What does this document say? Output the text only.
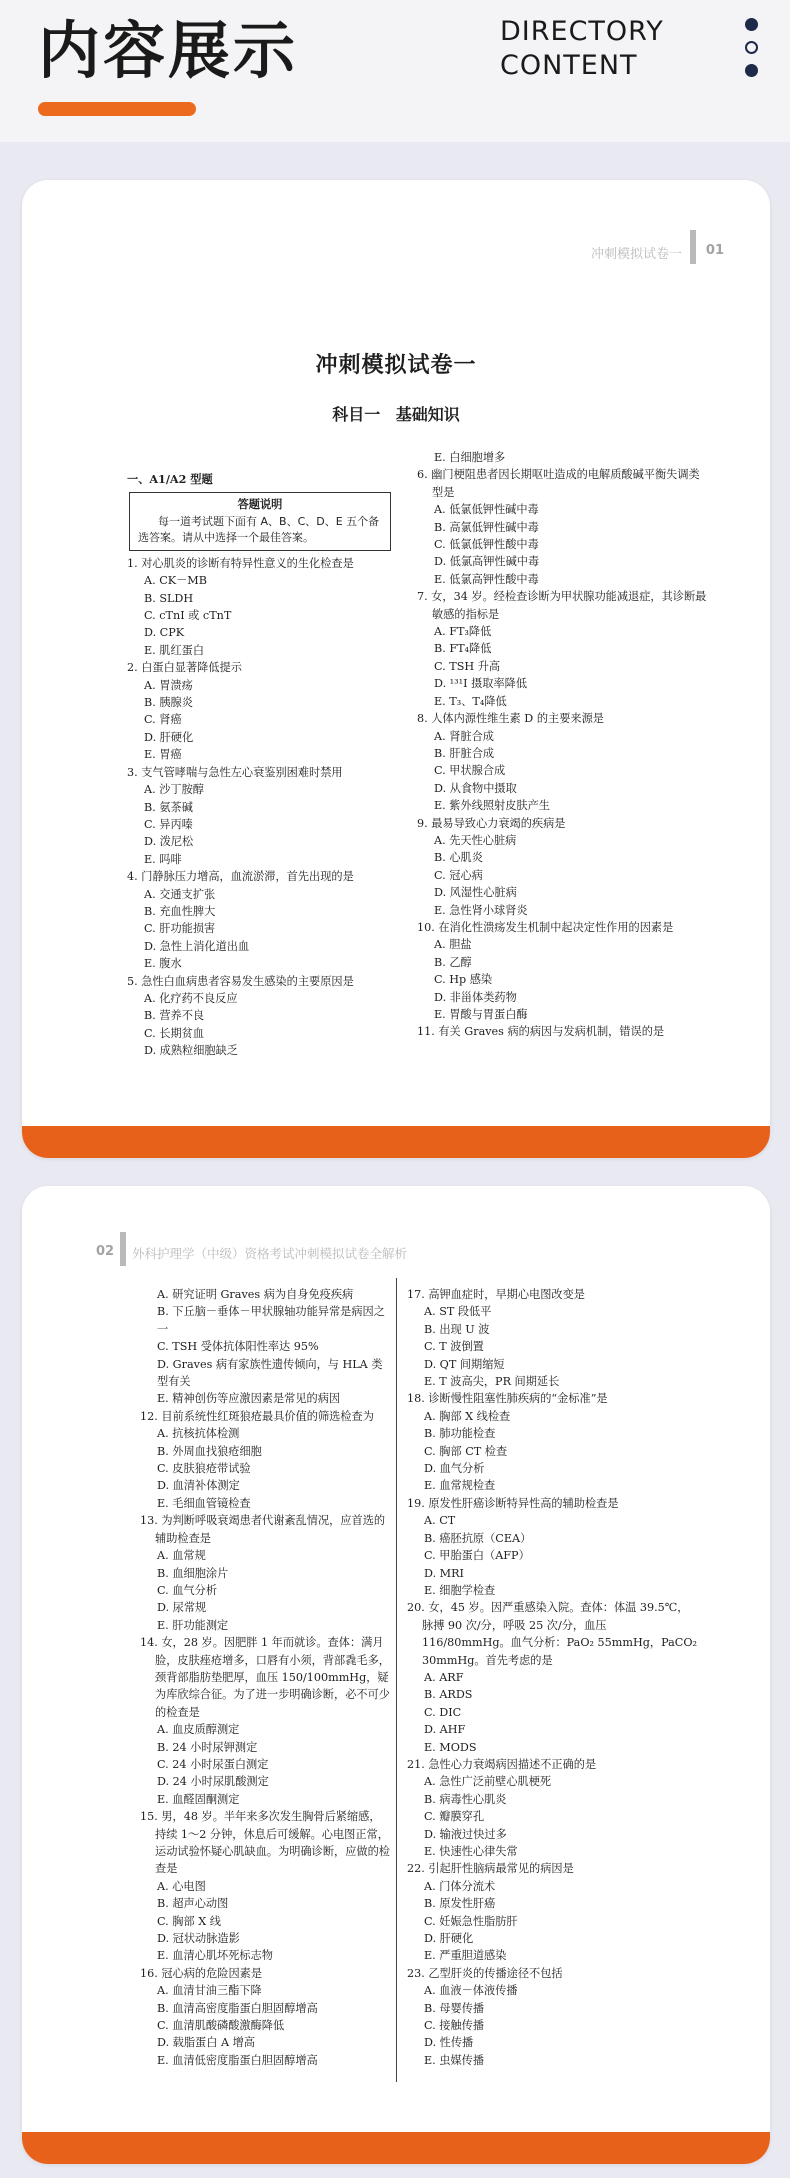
内容展示	DIRECTORY
CONTENT
冲刺模拟试卷一 01
冲刺模拟试卷一
科目一 基础知识
一、A1/A2 型题
答题说明
每一道考试题下面有 A、B、C、D、E 五个备选答案。请从中选择一个最佳答案。
1. 对心肌炎的诊断有特异性意义的生化检查是
A. CK－MB
B. SLDH
C. cTnI 或 cTnT
D. CPK
E. 肌红蛋白
2. 白蛋白显著降低提示
A. 胃溃疡
B. 胰腺炎
C. 肾癌
D. 肝硬化
E. 胃癌
3. 支气管哮喘与急性左心衰鉴别困难时禁用
A. 沙丁胺醇
B. 氨茶碱
C. 异丙嗪
D. 泼尼松
E. 吗啡
4. 门静脉压力增高，血流淤滞，首先出现的是
A. 交通支扩张
B. 充血性脾大
C. 肝功能损害
D. 急性上消化道出血
E. 腹水
5. 急性白血病患者容易发生感染的主要原因是
A. 化疗药不良反应
B. 营养不良
C. 长期贫血
D. 成熟粒细胞缺乏
E. 白细胞增多
6. 幽门梗阻患者因长期呕吐造成的电解质酸碱平衡失调类型是
A. 低氯低钾性碱中毒
B. 高氯低钾性碱中毒
C. 低氯低钾性酸中毒
D. 低氯高钾性碱中毒
E. 低氯高钾性酸中毒
7. 女，34 岁。经检查诊断为甲状腺功能减退症，其诊断最敏感的指标是
A. FT₃降低
B. FT₄降低
C. TSH 升高
D. ¹³¹I 摄取率降低
E. T₃、T₄降低
8. 人体内源性维生素 D 的主要来源是
A. 肾脏合成
B. 肝脏合成
C. 甲状腺合成
D. 从食物中摄取
E. 紫外线照射皮肤产生
9. 最易导致心力衰竭的疾病是
A. 先天性心脏病
B. 心肌炎
C. 冠心病
D. 风湿性心脏病
E. 急性肾小球肾炎
10. 在消化性溃疡发生机制中起决定性作用的因素是
A. 胆盐
B. 乙醇
C. Hp 感染
D. 非甾体类药物
E. 胃酸与胃蛋白酶
11. 有关 Graves 病的病因与发病机制，错误的是
02 外科护理学（中级）资格考试冲刺模拟试卷全解析
A. 研究证明 Graves 病为自身免疫疾病
B. 下丘脑－垂体－甲状腺轴功能异常是病因之一
C. TSH 受体抗体阳性率达 95%
D. Graves 病有家族性遗传倾向，与 HLA 类型有关
E. 精神创伤等应激因素是常见的病因
12. 目前系统性红斑狼疮最具价值的筛选检查为
A. 抗核抗体检测
B. 外周血找狼疮细胞
C. 皮肤狼疮带试验
D. 血清补体测定
E. 毛细血管镜检查
13. 为判断呼吸衰竭患者代谢紊乱情况，应首选的辅助检查是
A. 血常规
B. 血细胞涂片
C. 血气分析
D. 尿常规
E. 肝功能测定
14. 女，28 岁。因肥胖 1 年而就诊。查体：满月脸，皮肤痤疮增多，口唇有小须，背部毳毛多，颈背部脂肪垫肥厚，血压 150/100mmHg，疑为库欣综合征。为了进一步明确诊断，必不可少的检查是
A. 血皮质醇测定
B. 24 小时尿钾测定
C. 24 小时尿蛋白测定
D. 24 小时尿肌酸测定
E. 血醛固酮测定
15. 男，48 岁。半年来多次发生胸骨后紧缩感，持续 1～2 分钟，休息后可缓解。心电图正常，运动试验怀疑心肌缺血。为明确诊断，应做的检查是
A. 心电图
B. 超声心动图
C. 胸部 X 线
D. 冠状动脉造影
E. 血清心肌坏死标志物
16. 冠心病的危险因素是
A. 血清甘油三酯下降
B. 血清高密度脂蛋白胆固醇增高
C. 血清肌酸磷酸激酶降低
D. 载脂蛋白 A 增高
E. 血清低密度脂蛋白胆固醇增高
17. 高钾血症时，早期心电图改变是
A. ST 段低平
B. 出现 U 波
C. T 波倒置
D. QT 间期缩短
E. T 波高尖，PR 间期延长
18. 诊断慢性阻塞性肺疾病的“金标准”是
A. 胸部 X 线检查
B. 肺功能检查
C. 胸部 CT 检查
D. 血气分析
E. 血常规检查
19. 原发性肝癌诊断特异性高的辅助检查是
A. CT
B. 癌胚抗原（CEA）
C. 甲胎蛋白（AFP）
D. MRI
E. 细胞学检查
20. 女，45 岁。因严重感染入院。查体：体温 39.5℃，脉搏 90 次/分，呼吸 25 次/分，血压 116/80mmHg。血气分析：PaO₂ 55mmHg，PaCO₂ 30mmHg。首先考虑的是
A. ARF
B. ARDS
C. DIC
D. AHF
E. MODS
21. 急性心力衰竭病因描述不正确的是
A. 急性广泛前壁心肌梗死
B. 病毒性心肌炎
C. 瓣膜穿孔
D. 输液过快过多
E. 快速性心律失常
22. 引起肝性脑病最常见的病因是
A. 门体分流术
B. 原发性肝癌
C. 妊娠急性脂肪肝
D. 肝硬化
E. 严重胆道感染
23. 乙型肝炎的传播途径不包括
A. 血液－体液传播
B. 母婴传播
C. 接触传播
D. 性传播
E. 虫媒传播
